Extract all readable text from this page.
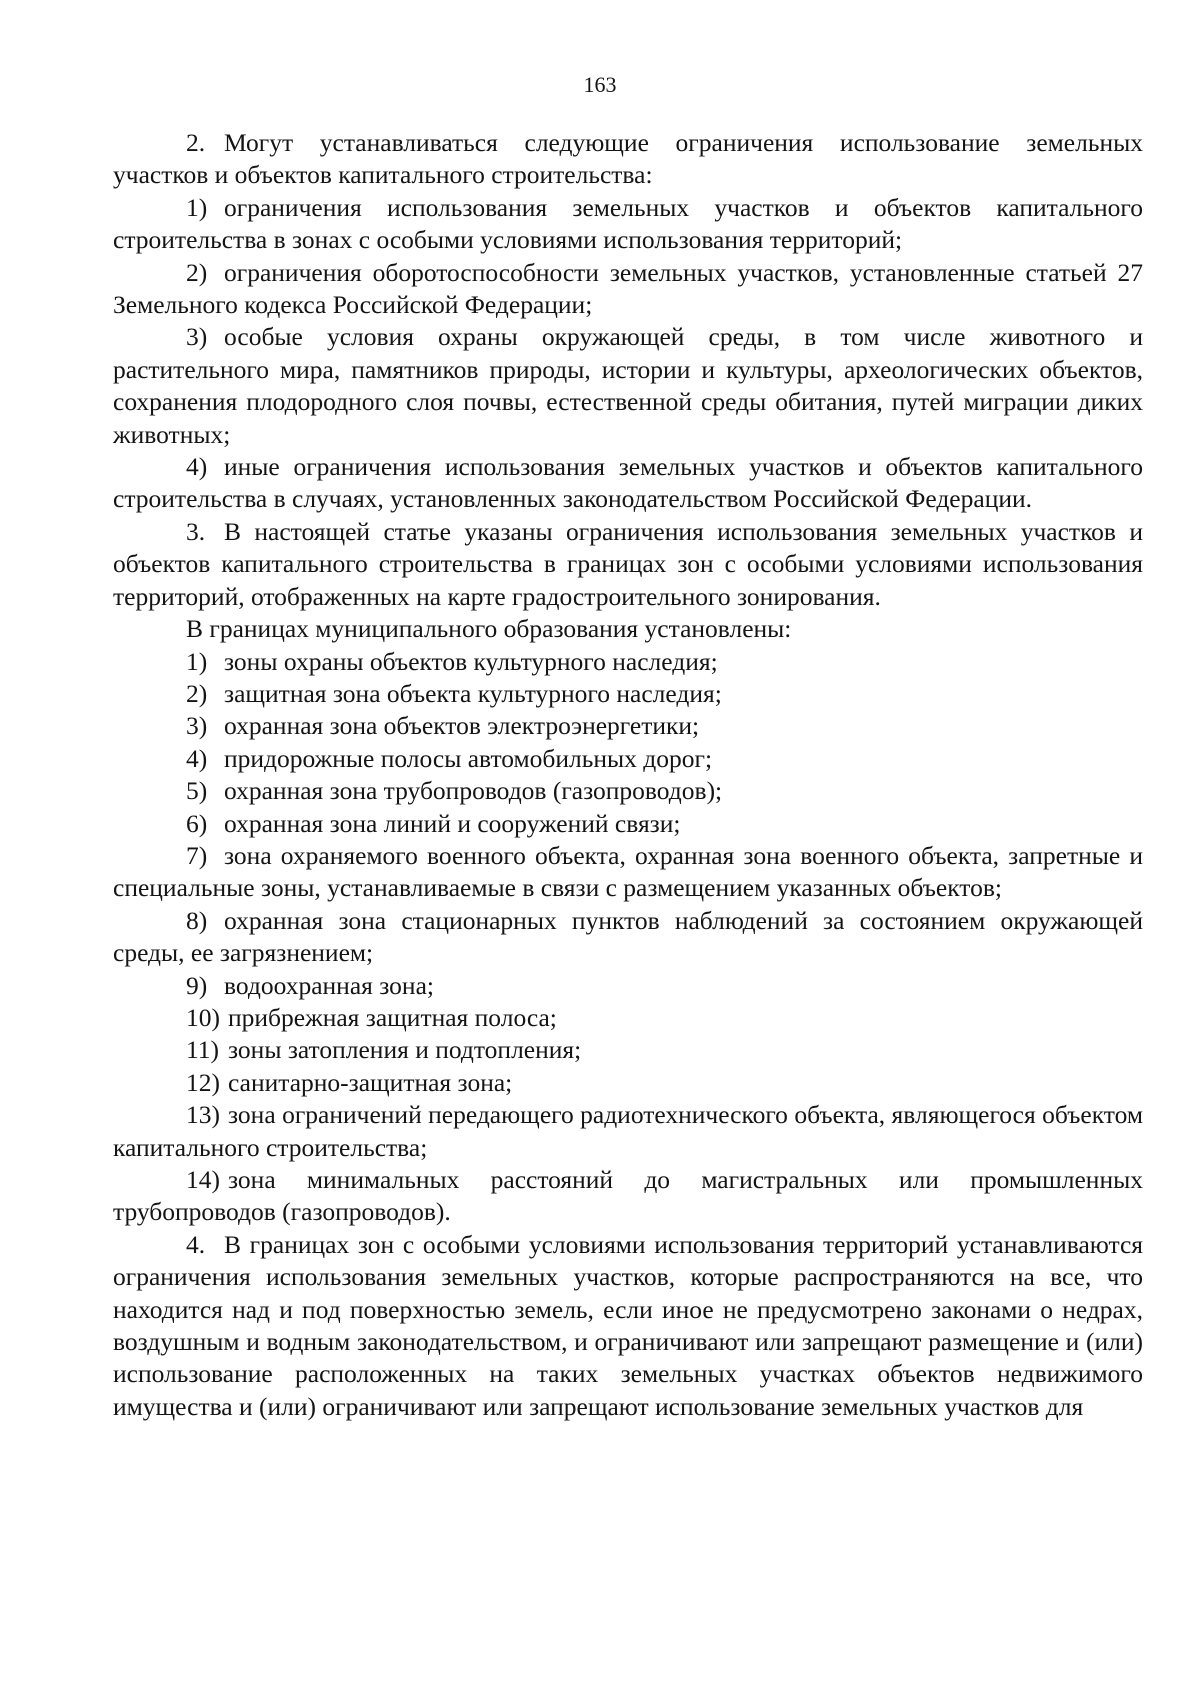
163

2. Могут устанавливаться следующие ограничения использование земельных участков и объектов капитального строительства:

1) ограничения использования земельных участков и объектов капитального строительства в зонах с особыми условиями использования территорий;

2) ограничения оборотоспособности земельных участков, установленные статьей 27 Земельного кодекса Российской Федерации;

3) особые условия охраны окружающей среды, в том числе животного и растительного мира, памятников природы, истории и культуры, археологических объектов, сохранения плодородного слоя почвы, естественной среды обитания, путей миграции диких животных;

4) иные ограничения использования земельных участков и объектов капитального строительства в случаях, установленных законодательством Российской Федерации.

3. В настоящей статье указаны ограничения использования земельных участков и объектов капитального строительства в границах зон с особыми условиями использования территорий, отображенных на карте градостроительного зонирования.

В границах муниципального образования установлены:

1) зоны охраны объектов культурного наследия;

2) защитная зона объекта культурного наследия;

3) охранная зона объектов электроэнергетики;

4) придорожные полосы автомобильных дорог;

5) охранная зона трубопроводов (газопроводов);

6) охранная зона линий и сооружений связи;

7) зона охраняемого военного объекта, охранная зона военного объекта, запретные и специальные зоны, устанавливаемые в связи с размещением указанных объектов;

8) охранная зона стационарных пунктов наблюдений за состоянием окружающей среды, ее загрязнением;

9) водоохранная зона;

10) прибрежная защитная полоса;

11) зоны затопления и подтопления;

12) санитарно-защитная зона;

13) зона ограничений передающего радиотехнического объекта, являющегося объектом капитального строительства;

14) зона минимальных расстояний до магистральных или промышленных трубопроводов (газопроводов).

4. В границах зон с особыми условиями использования территорий устанавливаются ограничения использования земельных участков, которые распространяются на все, что находится над и под поверхностью земель, если иное не предусмотрено законами о недрах, воздушным и водным законодательством, и ограничивают или запрещают размещение и (или) использование расположенных на таких земельных участках объектов недвижимого имущества и (или) ограничивают или запрещают использование земельных участков для
